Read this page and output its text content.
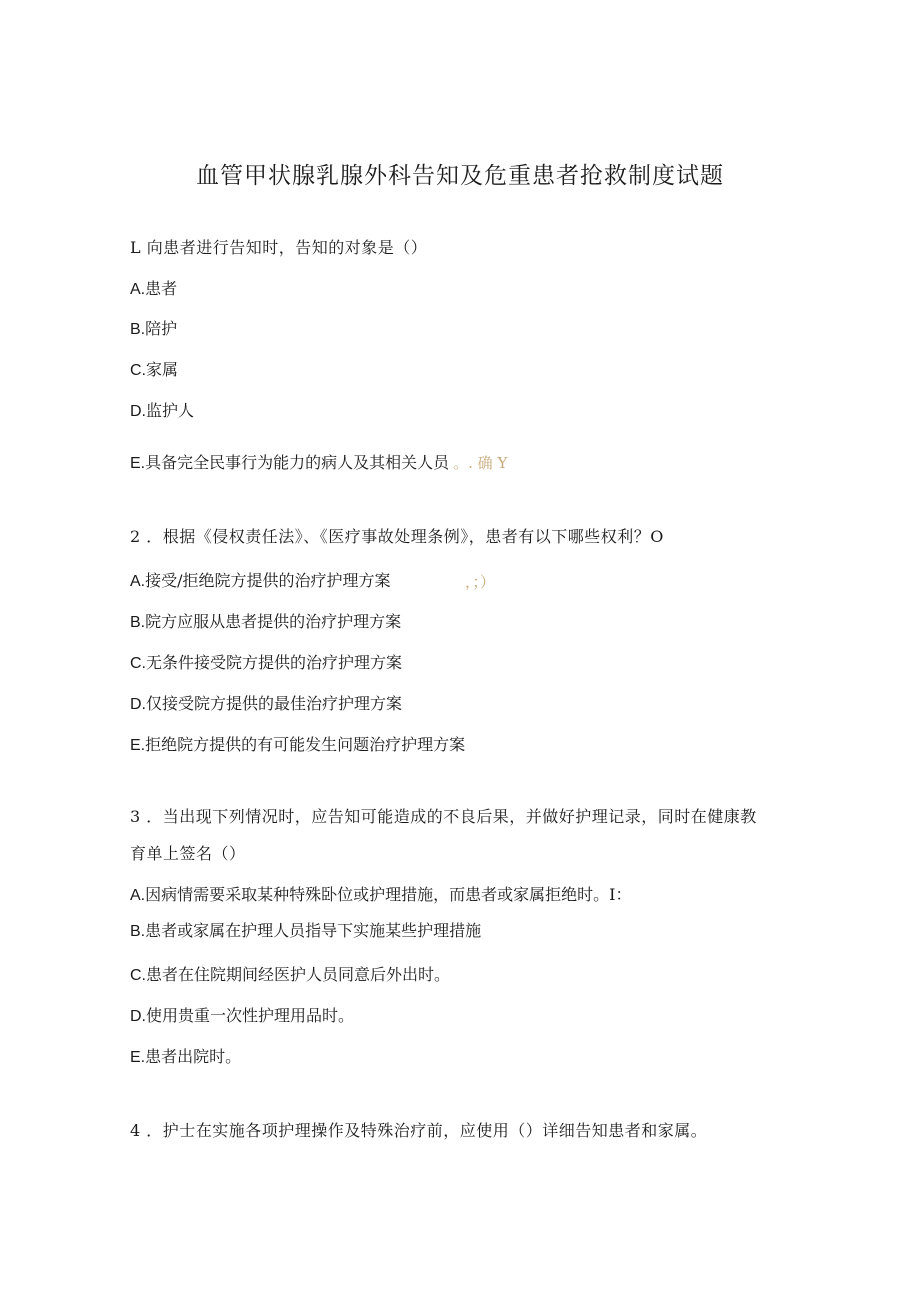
血管甲状腺乳腺外科告知及危重患者抢救制度试题
L 向患者进行告知时，告知的对象是（）
A.患者
B.陪护
C.家属
D.监护人
E.具备完全民事行为能力的病人及其相关人员 。. 确 Y
2 ．根据《侵权责任法》、《医疗事故处理条例》，患者有以下哪些权利？O
A.接受/拒绝院方提供的治疗护理方案	，；）
B.院方应服从患者提供的治疗护理方案
C.无条件接受院方提供的治疗护理方案
D.仅接受院方提供的最佳治疗护理方案
E.拒绝院方提供的有可能发生问题治疗护理方案
3 ．当出现下列情况时，应告知可能造成的不良后果，并做好护理记录，同时在健康教
育单上签名（）
A.因病情需要采取某种特殊卧位或护理措施，而患者或家属拒绝时。I：
B.患者或家属在护理人员指导下实施某些护理措施
C.患者在住院期间经医护人员同意后外出时。
D.使用贵重一次性护理用品时。
E.患者出院时。
4 ．护士在实施各项护理操作及特殊治疗前，应使用（）详细告知患者和家属。
